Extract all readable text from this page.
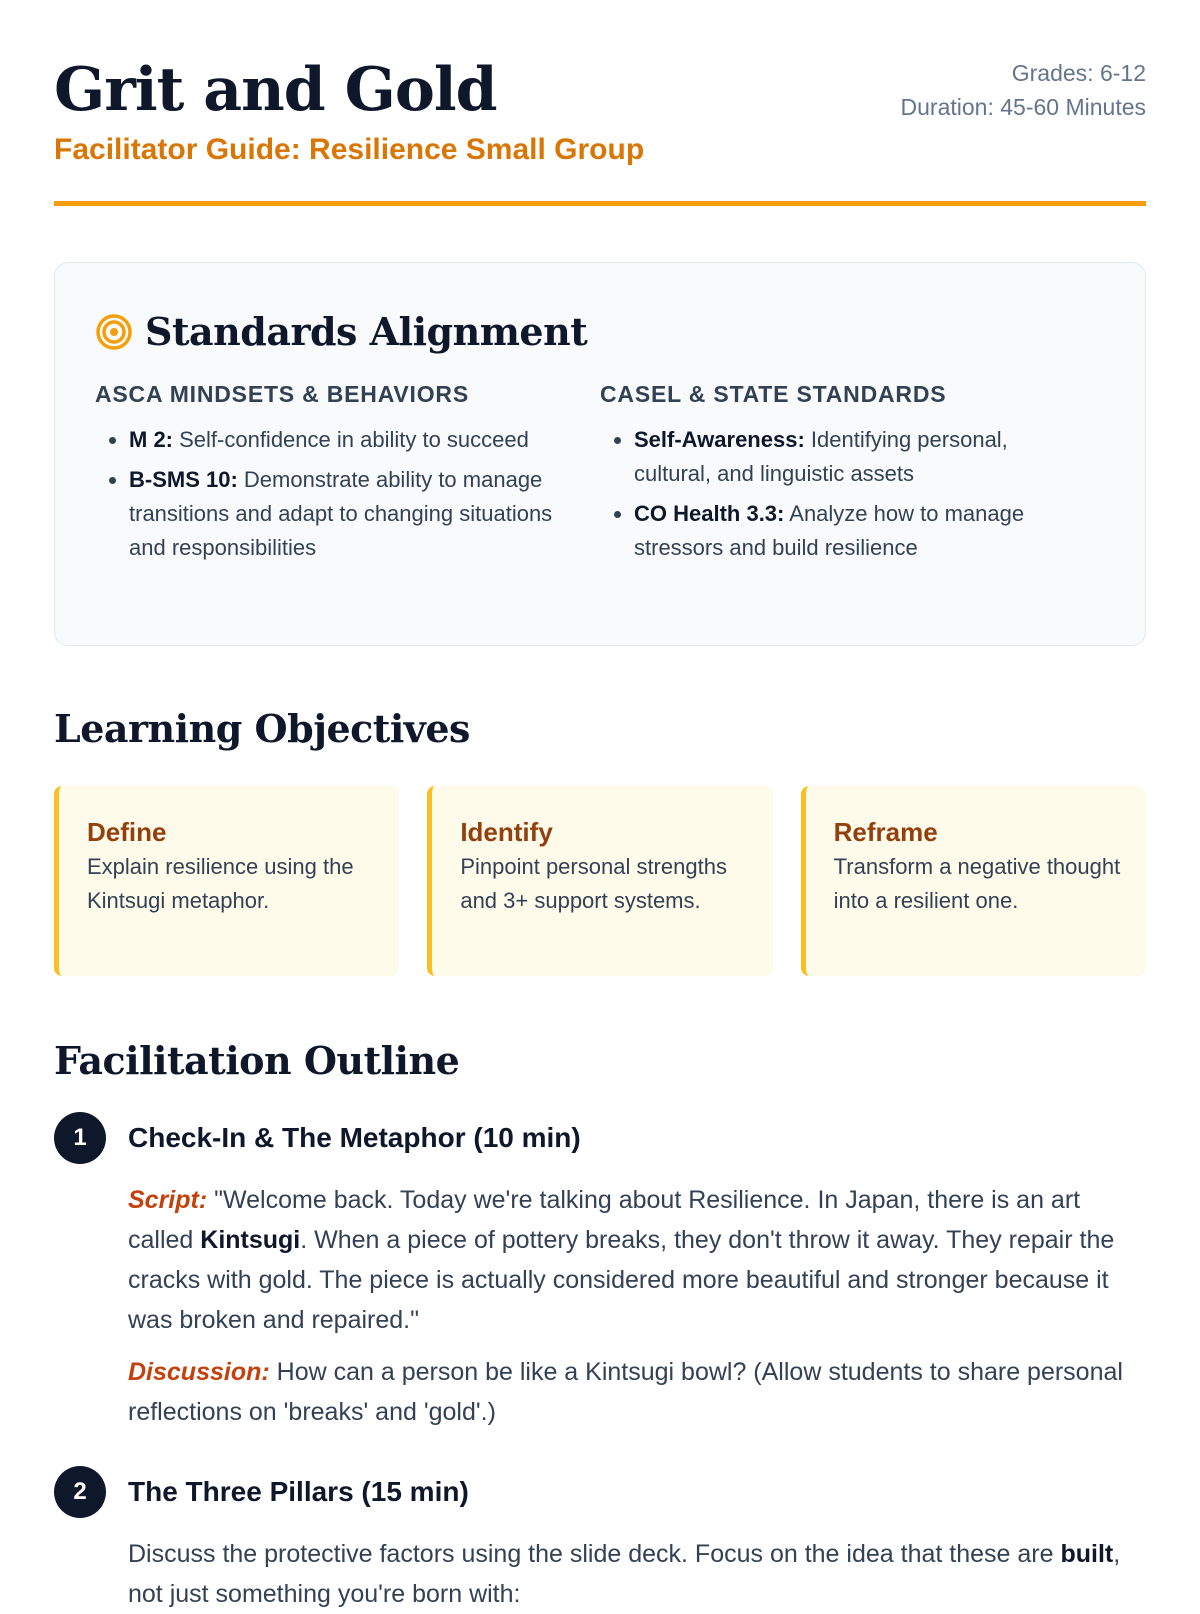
Grit and Gold
Facilitator Guide: Resilience Small Group
Grades: 6-12
Duration: 45-60 Minutes
Standards Alignment
ASCA MINDSETS & BEHAVIORS
• M 2: Self-confidence in ability to succeed
• B-SMS 10: Demonstrate ability to manage transitions and adapt to changing situations and responsibilities
CASEL & STATE STANDARDS
• Self-Awareness: Identifying personal, cultural, and linguistic assets
• CO Health 3.3: Analyze how to manage stressors and build resilience
Learning Objectives
Define
Explain resilience using the Kintsugi metaphor.
Identify
Pinpoint personal strengths and 3+ support systems.
Reframe
Transform a negative thought into a resilient one.
Facilitation Outline
1	Check-In & The Metaphor (10 min)

Script: "Welcome back. Today we're talking about Resilience. In Japan, there is an art called Kintsugi. When a piece of pottery breaks, they don't throw it away. They repair the cracks with gold. The piece is actually considered more beautiful and stronger because it was broken and repaired."

Discussion: How can a person be like a Kintsugi bowl? (Allow students to share personal reflections on 'breaks' and 'gold'.)

2	The Three Pillars (15 min)

Discuss the protective factors using the slide deck. Focus on the idea that these are built, not just something you're born with:
